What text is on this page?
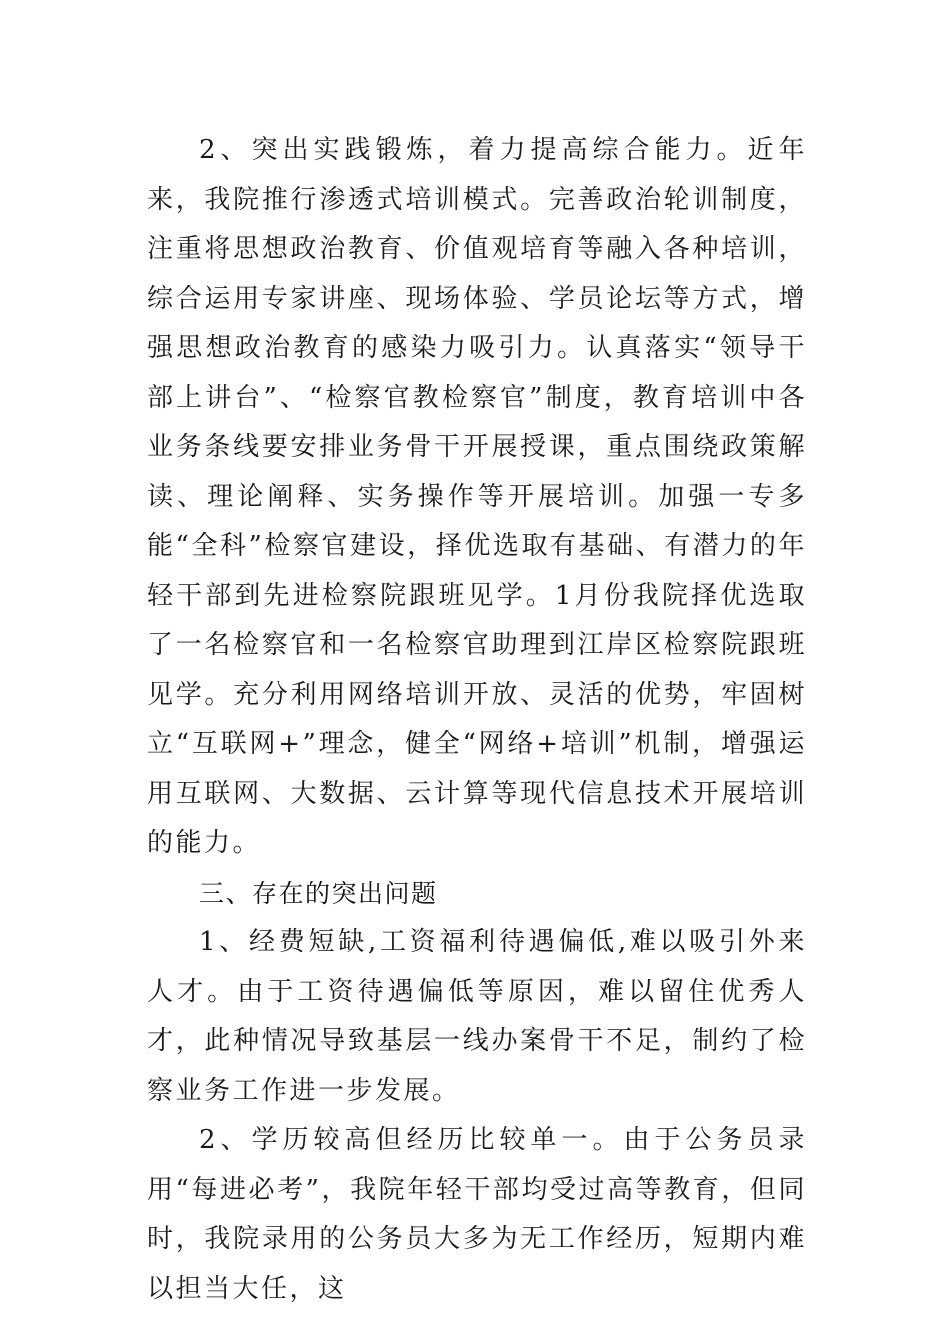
2、突出实践锻炼，着力提高综合能力。近年来，我院推行渗透式培训模式。完善政治轮训制度，注重将思想政治教育、价值观培育等融入各种培训，综合运用专家讲座、现场体验、学员论坛等方式，增强思想政治教育的感染力吸引力。认真落实“领导干部上讲台”、“检察官教检察官”制度，教育培训中各业务条线要安排业务骨干开展授课，重点围绕政策解读、理论阐释、实务操作等开展培训。加强一专多能“全科”检察官建设，择优选取有基础、有潜力的年轻干部到先进检察院跟班见学。1月份我院择优选取了一名检察官和一名检察官助理到江岸区检察院跟班见学。充分利用网络培训开放、灵活的优势，牢固树立“互联网+”理念，健全“网络+培训”机制，增强运用互联网、大数据、云计算等现代信息技术开展培训的能力。

三、存在的突出问题

1、经费短缺,工资福利待遇偏低,难以吸引外来人才。由于工资待遇偏低等原因，难以留住优秀人才，此种情况导致基层一线办案骨干不足，制约了检察业务工作进一步发展。

2、学历较高但经历比较单一。由于公务员录用“每进必考”，我院年轻干部均受过高等教育，但同时，我院录用的公务员大多为无工作经历，短期内难以担当大任，这
